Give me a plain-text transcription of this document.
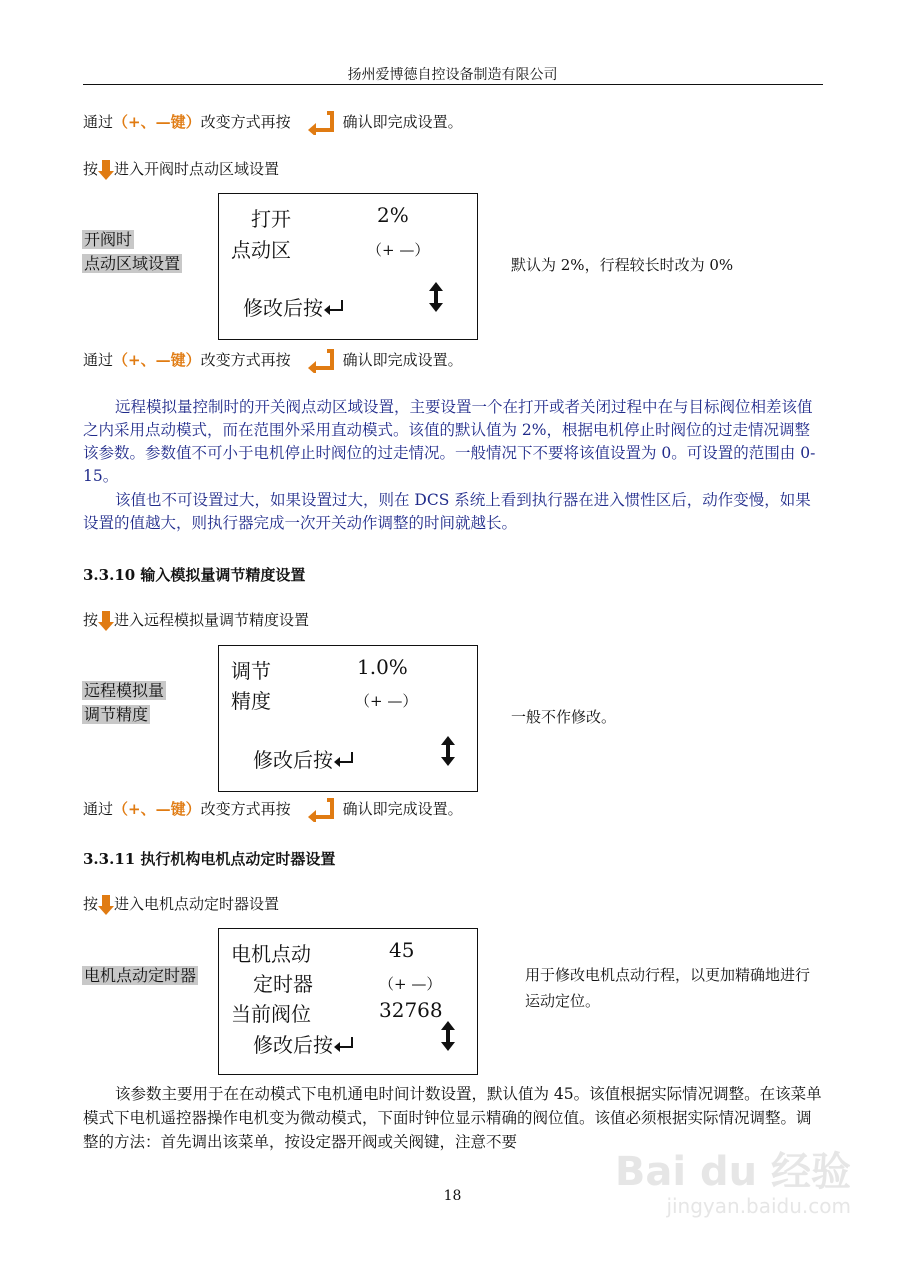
扬州爱博德自控设备制造有限公司
通过（+、—键）改变方式再按	确认即完成设置。
按 进入开阀时点动区域设置
开阀时
点动区域设置
打开	2%
点动区	（+ —）
修改后按
默认为 2%，行程较长时改为 0%
通过（+、—键）改变方式再按	确认即完成设置。
远程模拟量控制时的开关阀点动区域设置，主要设置一个在打开或者关闭过程中在与目标阀位相差该值之内采用点动模式，而在范围外采用直动模式。该值的默认值为 2%，根据电机停止时阀位的过走情况调整该参数。参数值不可小于电机停止时阀位的过走情况。一般情况下不要将该值设置为 0。可设置的范围由 0-15。
该值也不可设置过大，如果设置过大，则在 DCS 系统上看到执行器在进入惯性区后，动作变慢，如果设置的值越大，则执行器完成一次开关动作调整的时间就越长。
3.3.10 输入模拟量调节精度设置
按 进入远程模拟量调节精度设置
远程模拟量
调节精度
调节	1.0%
精度	（+ —）
修改后按
一般不作修改。
通过（+、—键）改变方式再按	确认即完成设置。
3.3.11 执行机构电机点动定时器设置
按 进入电机点动定时器设置
电机点动定时器
电机点动	45
定时器	（+ —）
当前阀位	32768
修改后按
用于修改电机点动行程，以更加精确地进行运动定位。
该参数主要用于在在动模式下电机通电时间计数设置，默认值为 45。该值根据实际情况调整。在该菜单模式下电机遥控器操作电机变为微动模式，下面时钟位显示精确的阀位值。该值必须根据实际情况调整。调整的方法：首先调出该菜单，按设定器开阀或关阀键，注意不要
18
Bai du 经验
jingyan.baidu.com
